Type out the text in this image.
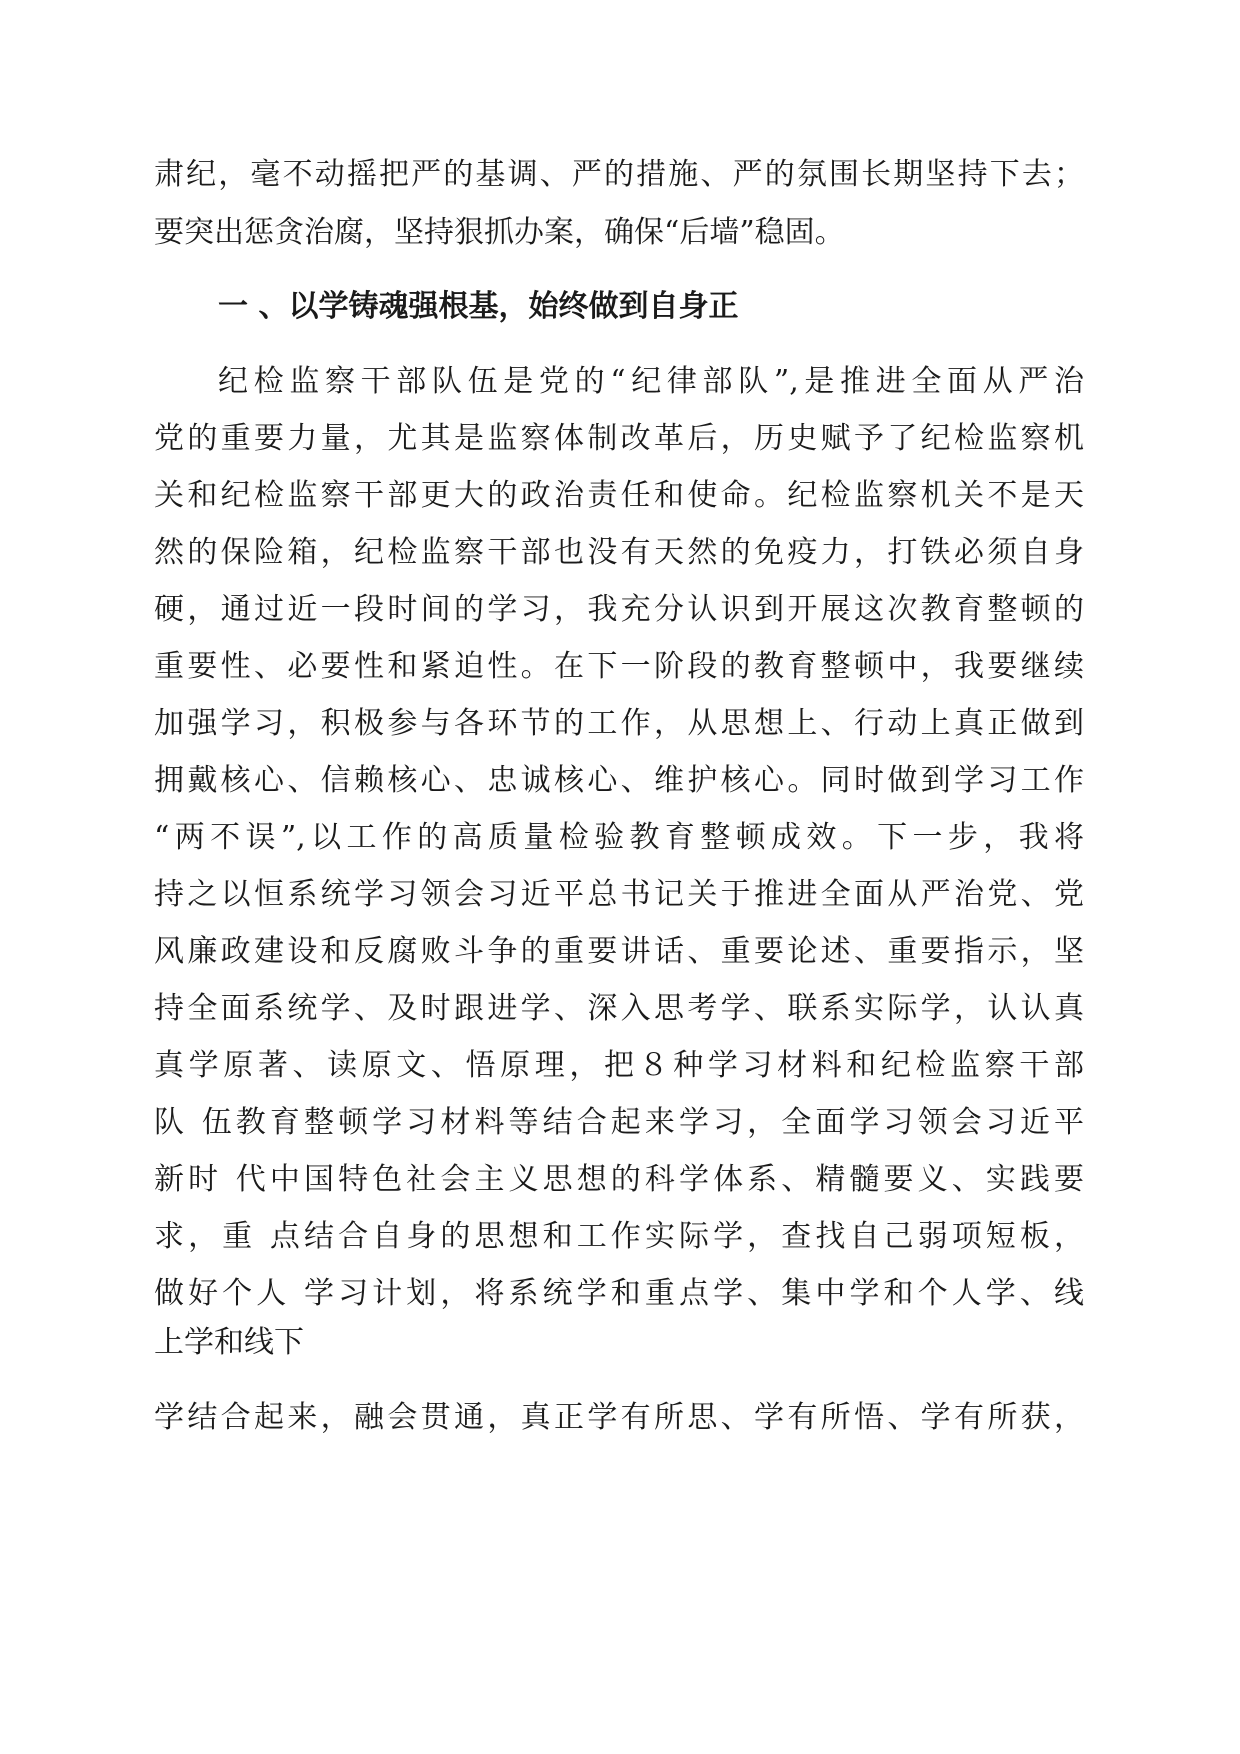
肃纪，毫不动摇把严的基调、严的措施、严的氛围长期坚持下去；
要突出惩贪治腐，坚持狠抓办案，确保“后墙”稳固。
一 、以学铸魂强根基，始终做到自身正
纪检监察干部队伍是党的“纪律部队”,是推进全面从严治
党的重要力量，尤其是监察体制改革后，历史赋予了纪检监察机
关和纪检监察干部更大的政治责任和使命。纪检监察机关不是天
然的保险箱，纪检监察干部也没有天然的免疫力，打铁必须自身
硬，通过近一段时间的学习，我充分认识到开展这次教育整顿的
重要性、必要性和紧迫性。在下一阶段的教育整顿中，我要继续
加强学习，积极参与各环节的工作，从思想上、行动上真正做到
拥戴核心、信赖核心、忠诚核心、维护核心。同时做到学习工作
“两不误”,以工作的高质量检验教育整顿成效。下一步，我将
持之以恒系统学习领会习近平总书记关于推进全面从严治党、党
风廉政建设和反腐败斗争的重要讲话、重要论述、重要指示，坚
持全面系统学、及时跟进学、深入思考学、联系实际学，认认真
真学原著、读原文、悟原理，把８种学习材料和纪检监察干部
队 伍教育整顿学习材料等结合起来学习，全面学习领会习近平
新时 代中国特色社会主义思想的科学体系、精髓要义、实践要
求，重 点结合自身的思想和工作实际学，查找自己弱项短板，
做好个人 学习计划，将系统学和重点学、集中学和个人学、线
上学和线下
学结合起来，融会贯通，真正学有所思、学有所悟、学有所获，
